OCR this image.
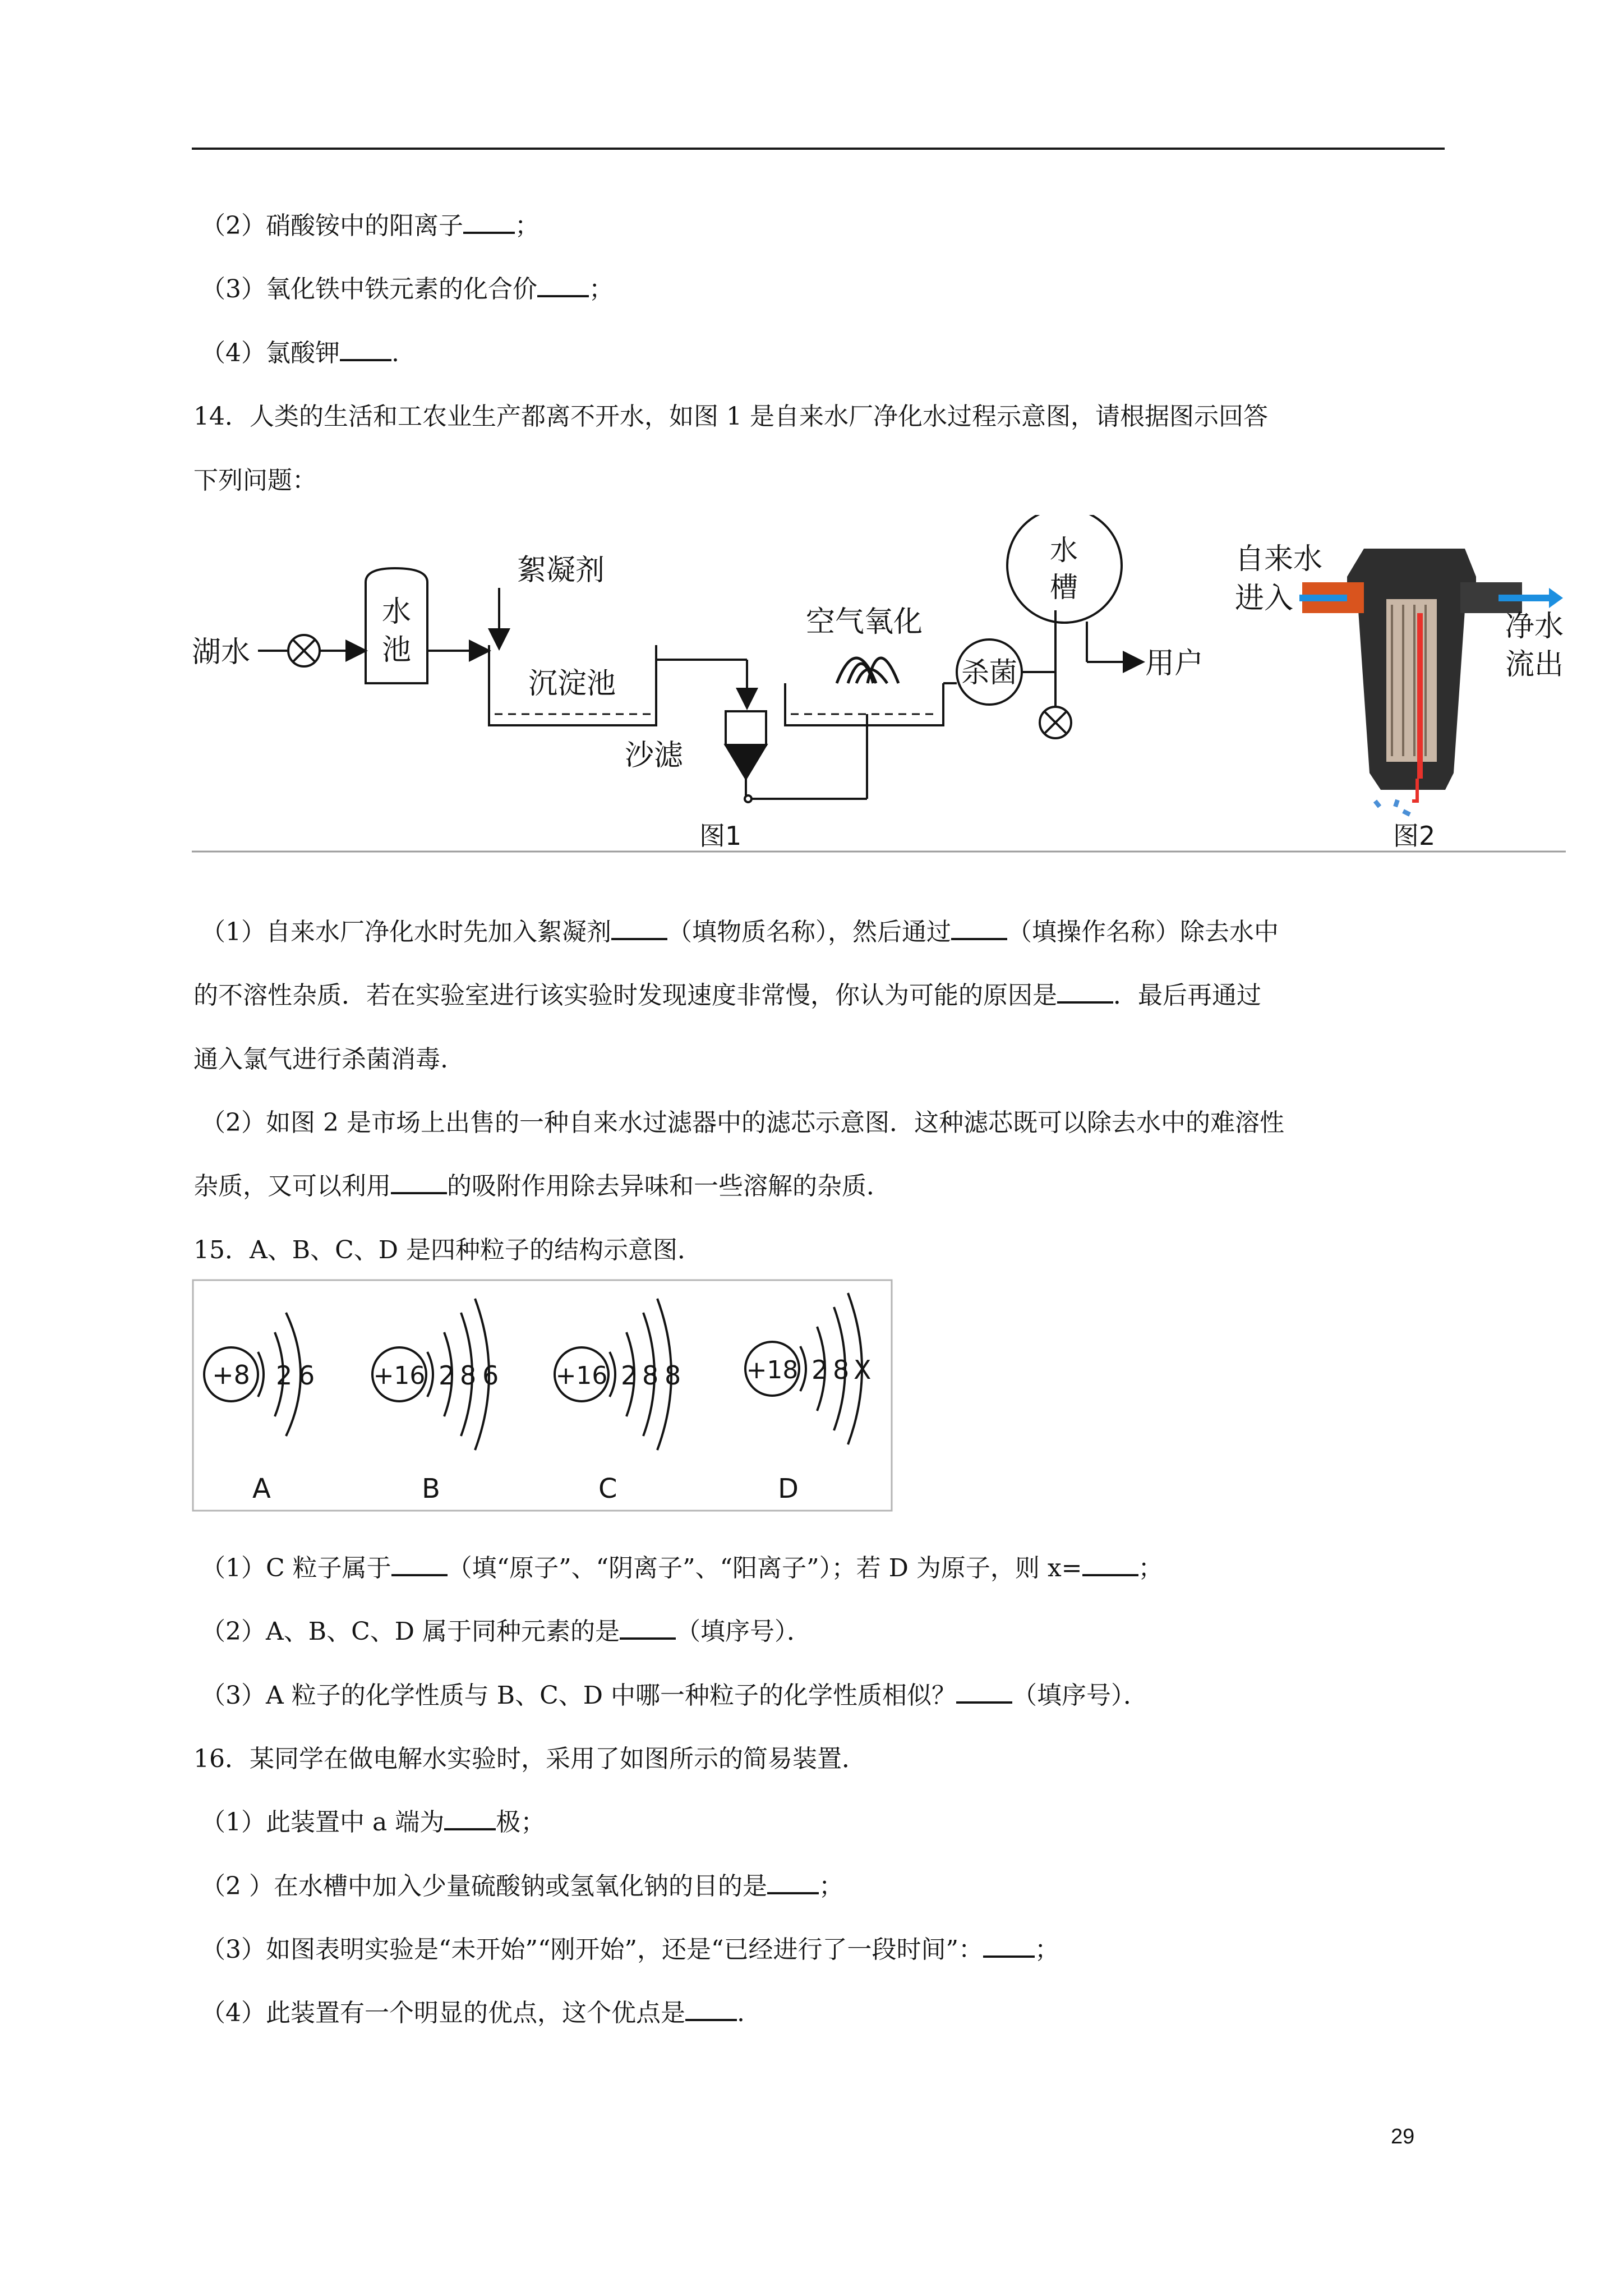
（2）硝酸铵中的阳离子 ；
（3）氧化铁中铁元素的化合价 ；
（4）氯酸钾 .
14．人类的生活和工农业生产都离不开水，如图 1 是自来水厂净化水过程示意图，请根据图示回答
下列问题：
湖水
水
池
絮凝剂
沉淀池
沙滤
空气氧化
杀菌
水
槽
用户
图1
自来水
进入
净水
流出
图2
（1）自来水厂净化水时先加入絮凝剂 （填物质名称），然后通过 （填操作名称）除去水中
的不溶性杂质．若在实验室进行该实验时发现速度非常慢，你认为可能的原因是 ．最后再通过
通入氯气进行杀菌消毒.
（2）如图 2 是市场上出售的一种自来水过滤器中的滤芯示意图．这种滤芯既可以除去水中的难溶性
杂质，又可以利用 的吸附作用除去异味和一些溶解的杂质．
15．A、B、C、D 是四种粒子的结构示意图．
+8 2 6
A
+16 2 8 6
B
+16 2 8 8
C
+18 2 8 X
D
（1）C 粒子属于 （填“原子”、“阴离子”、“阳离子”）；若 D 为原子，则 x= ；
（2）A、B、C、D 属于同种元素的是 （填序号）．
（3）A 粒子的化学性质与 B、C、D 中哪一种粒子的化学性质相似？ （填序号）．
16．某同学在做电解水实验时，采用了如图所示的简易装置．
（1）此装置中 a 端为 极；
（2 ）在水槽中加入少量硫酸钠或氢氧化钠的目的是 ；
（3）如图表明实验是“未开始”“刚开始”，还是“已经进行了一段时间”： ；
（4）此装置有一个明显的优点，这个优点是 .
29
